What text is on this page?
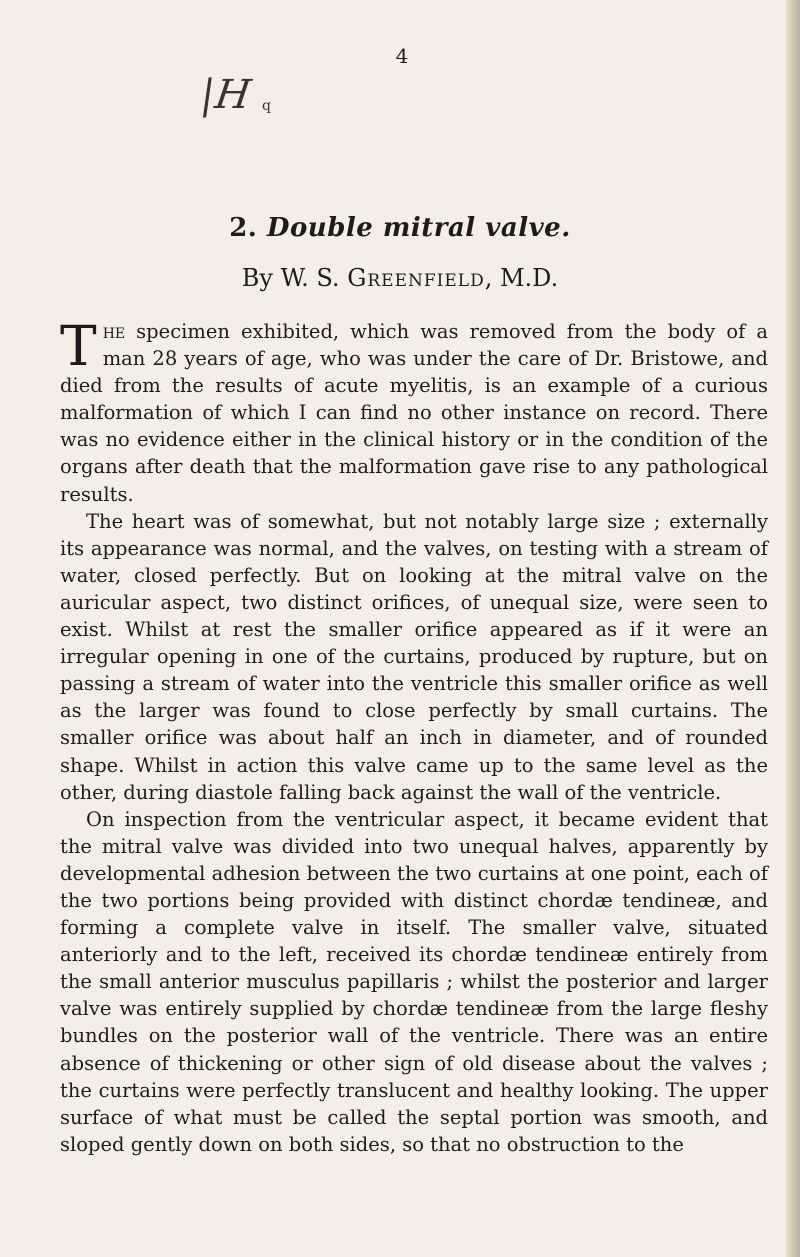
4
|H q
2. Double mitral valve.
By W. S. Greenfield, M.D.

The specimen exhibited, which was removed from the body of a man 28 years of age, who was under the care of Dr. Bristowe, and died from the results of acute myelitis, is an example of a curious malformation of which I can find no other instance on record. There was no evidence either in the clinical history or in the condition of the organs after death that the malformation gave rise to any pathological results.

The heart was of somewhat, but not notably large size ; externally its appearance was normal, and the valves, on testing with a stream of water, closed perfectly. But on looking at the mitral valve on the auricular aspect, two distinct orifices, of unequal size, were seen to exist. Whilst at rest the smaller orifice appeared as if it were an irregular opening in one of the curtains, produced by rupture, but on passing a stream of water into the ventricle this smaller orifice as well as the larger was found to close perfectly by small curtains. The smaller orifice was about half an inch in diameter, and of rounded shape. Whilst in action this valve came up to the same level as the other, during diastole falling back against the wall of the ventricle.

On inspection from the ventricular aspect, it became evident that the mitral valve was divided into two unequal halves, apparently by developmental adhesion between the two curtains at one point, each of the two portions being provided with distinct chordæ tendineæ, and forming a complete valve in itself. The smaller valve, situated anteriorly and to the left, received its chordæ tendineæ entirely from the small anterior musculus papillaris ; whilst the posterior and larger valve was entirely supplied by chordæ tendineæ from the large fleshy bundles on the posterior wall of the ventricle. There was an entire absence of thickening or other sign of old disease about the valves ; the curtains were perfectly translucent and healthy looking. The upper surface of what must be called the septal portion was smooth, and sloped gently down on both sides, so that no obstruction to the
